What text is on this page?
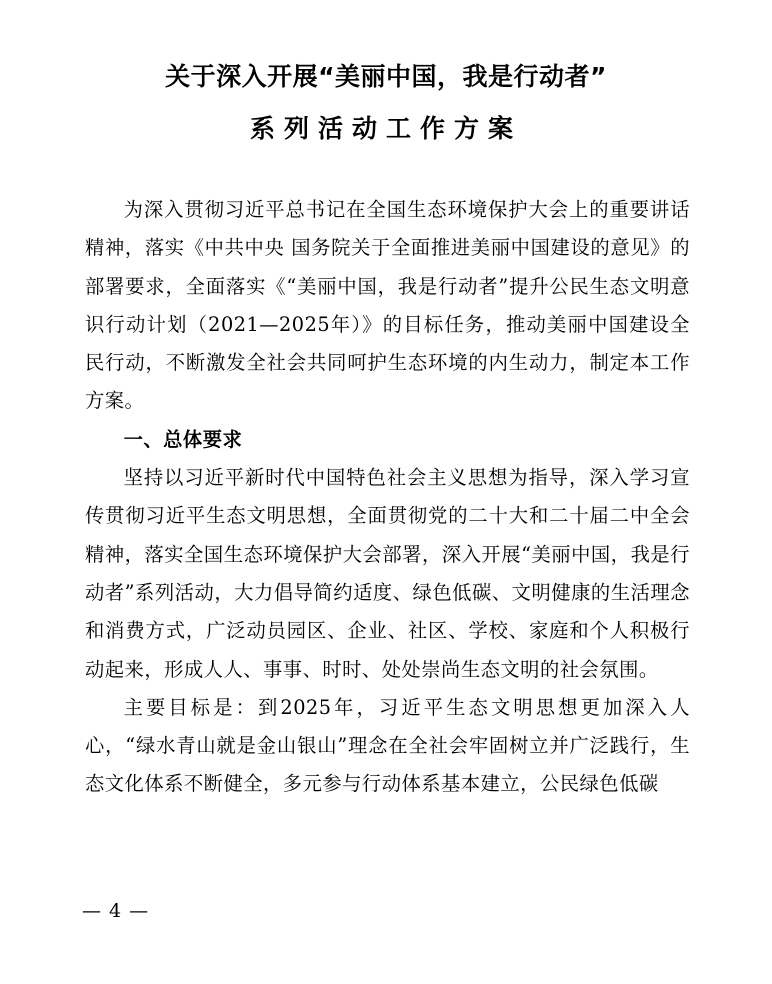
关于深入开展“美丽中国，我是行动者”
系列活动工作方案

为深入贯彻习近平总书记在全国生态环境保护大会上的重要讲话精神，落实《中共中央 国务院关于全面推进美丽中国建设的意见》的部署要求，全面落实《“美丽中国，我是行动者”提升公民生态文明意识行动计划（2021—2025年）》的目标任务，推动美丽中国建设全民行动，不断激发全社会共同呵护生态环境的内生动力，制定本工作方案。

一、总体要求

坚持以习近平新时代中国特色社会主义思想为指导，深入学习宣传贯彻习近平生态文明思想，全面贯彻党的二十大和二十届二中全会精神，落实全国生态环境保护大会部署，深入开展“美丽中国，我是行动者”系列活动，大力倡导简约适度、绿色低碳、文明健康的生活理念和消费方式，广泛动员园区、企业、社区、学校、家庭和个人积极行动起来，形成人人、事事、时时、处处崇尚生态文明的社会氛围。

主要目标是：到2025年，习近平生态文明思想更加深入人心，“绿水青山就是金山银山”理念在全社会牢固树立并广泛践行，生态文化体系不断健全，多元参与行动体系基本建立，公民绿色低碳

— 4 —
